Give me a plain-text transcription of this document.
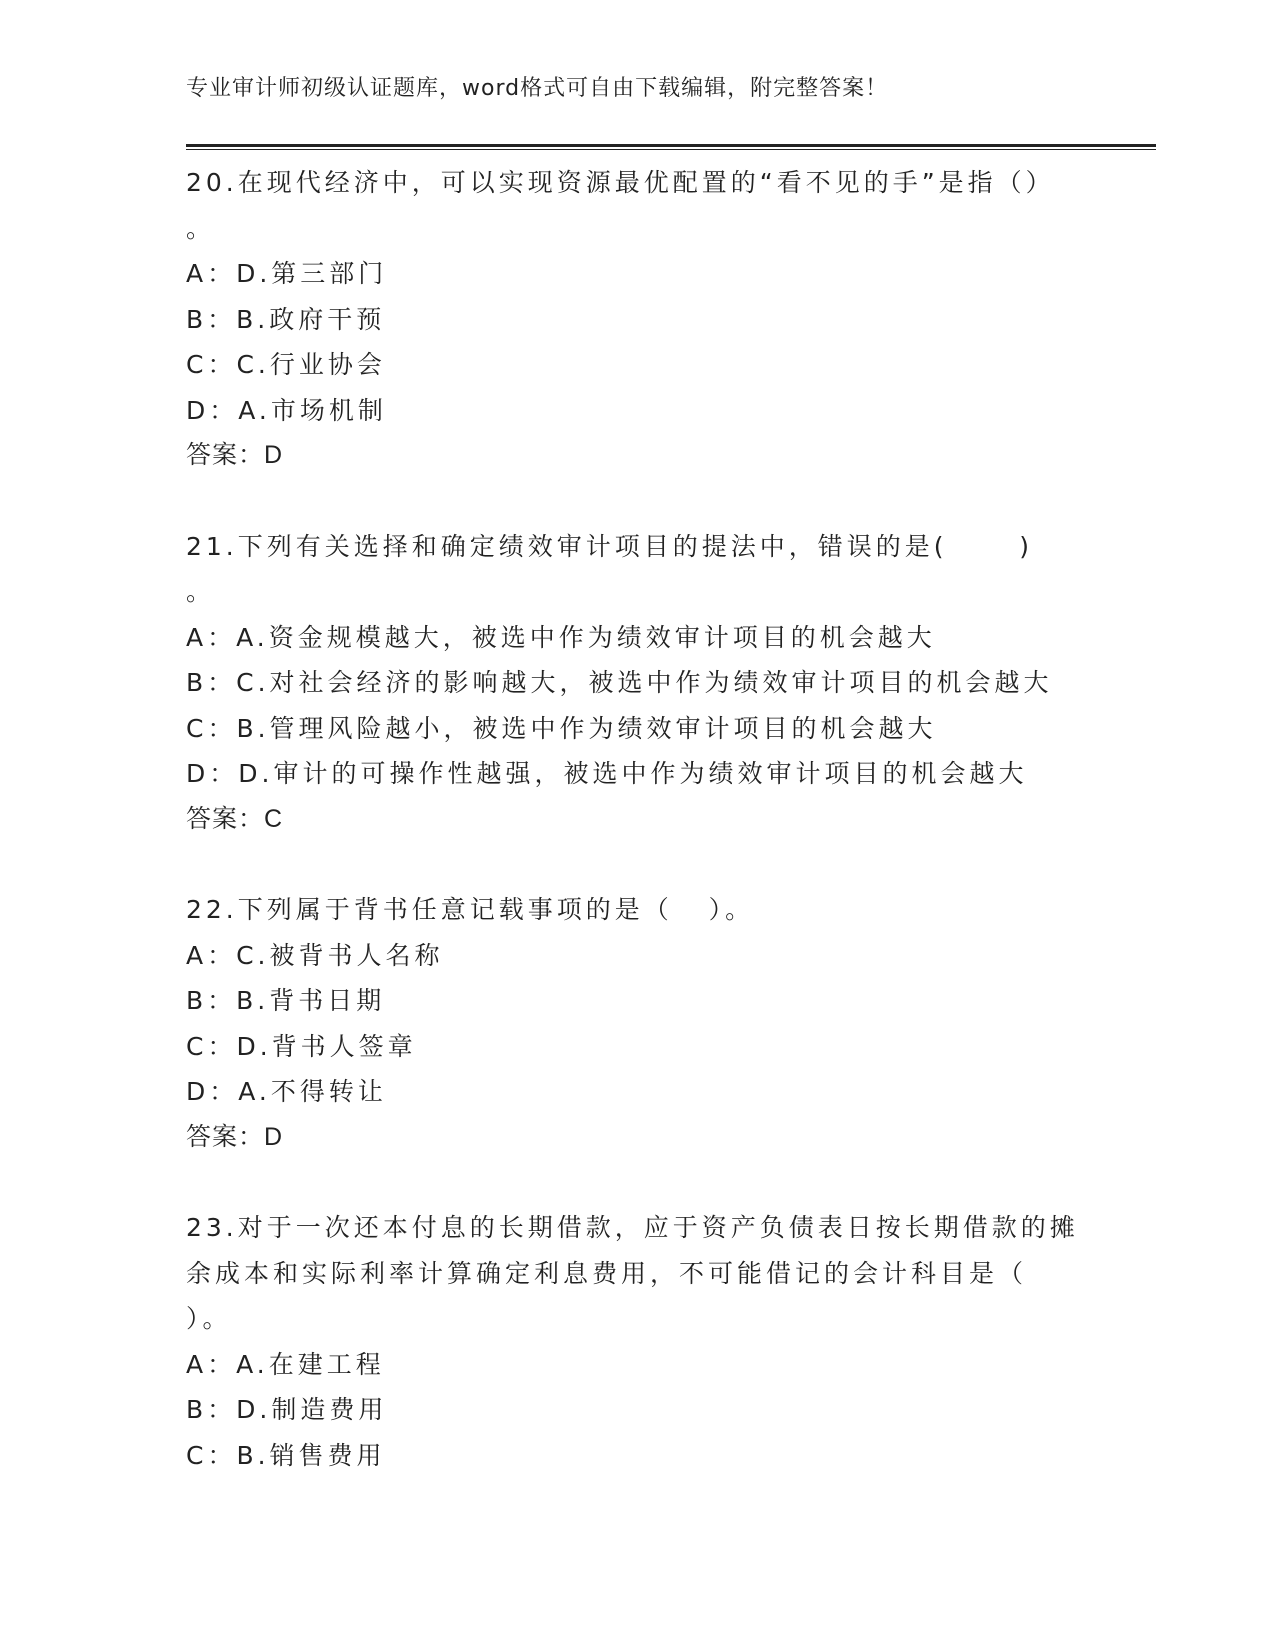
专业审计师初级认证题库，word格式可自由下载编辑，附完整答案！
20.在现代经济中，可以实现资源最优配置的“看不见的手”是指（）
。
A：D.第三部门
B：B.政府干预
C：C.行业协会
D：A.市场机制
答案：D
21.下列有关选择和确定绩效审计项目的提法中，错误的是(      )
。
A：A.资金规模越大，被选中作为绩效审计项目的机会越大
B：C.对社会经济的影响越大，被选中作为绩效审计项目的机会越大
C：B.管理风险越小，被选中作为绩效审计项目的机会越大
D：D.审计的可操作性越强，被选中作为绩效审计项目的机会越大
答案：C
22.下列属于背书任意记载事项的是（   ）。
A：C.被背书人名称
B：B.背书日期
C：D.背书人签章
D：A.不得转让
答案：D
23.对于一次还本付息的长期借款，应于资产负债表日按长期借款的摊
余成本和实际利率计算确定利息费用，不可能借记的会计科目是（
）。
A：A.在建工程
B：D.制造费用
C：B.销售费用
